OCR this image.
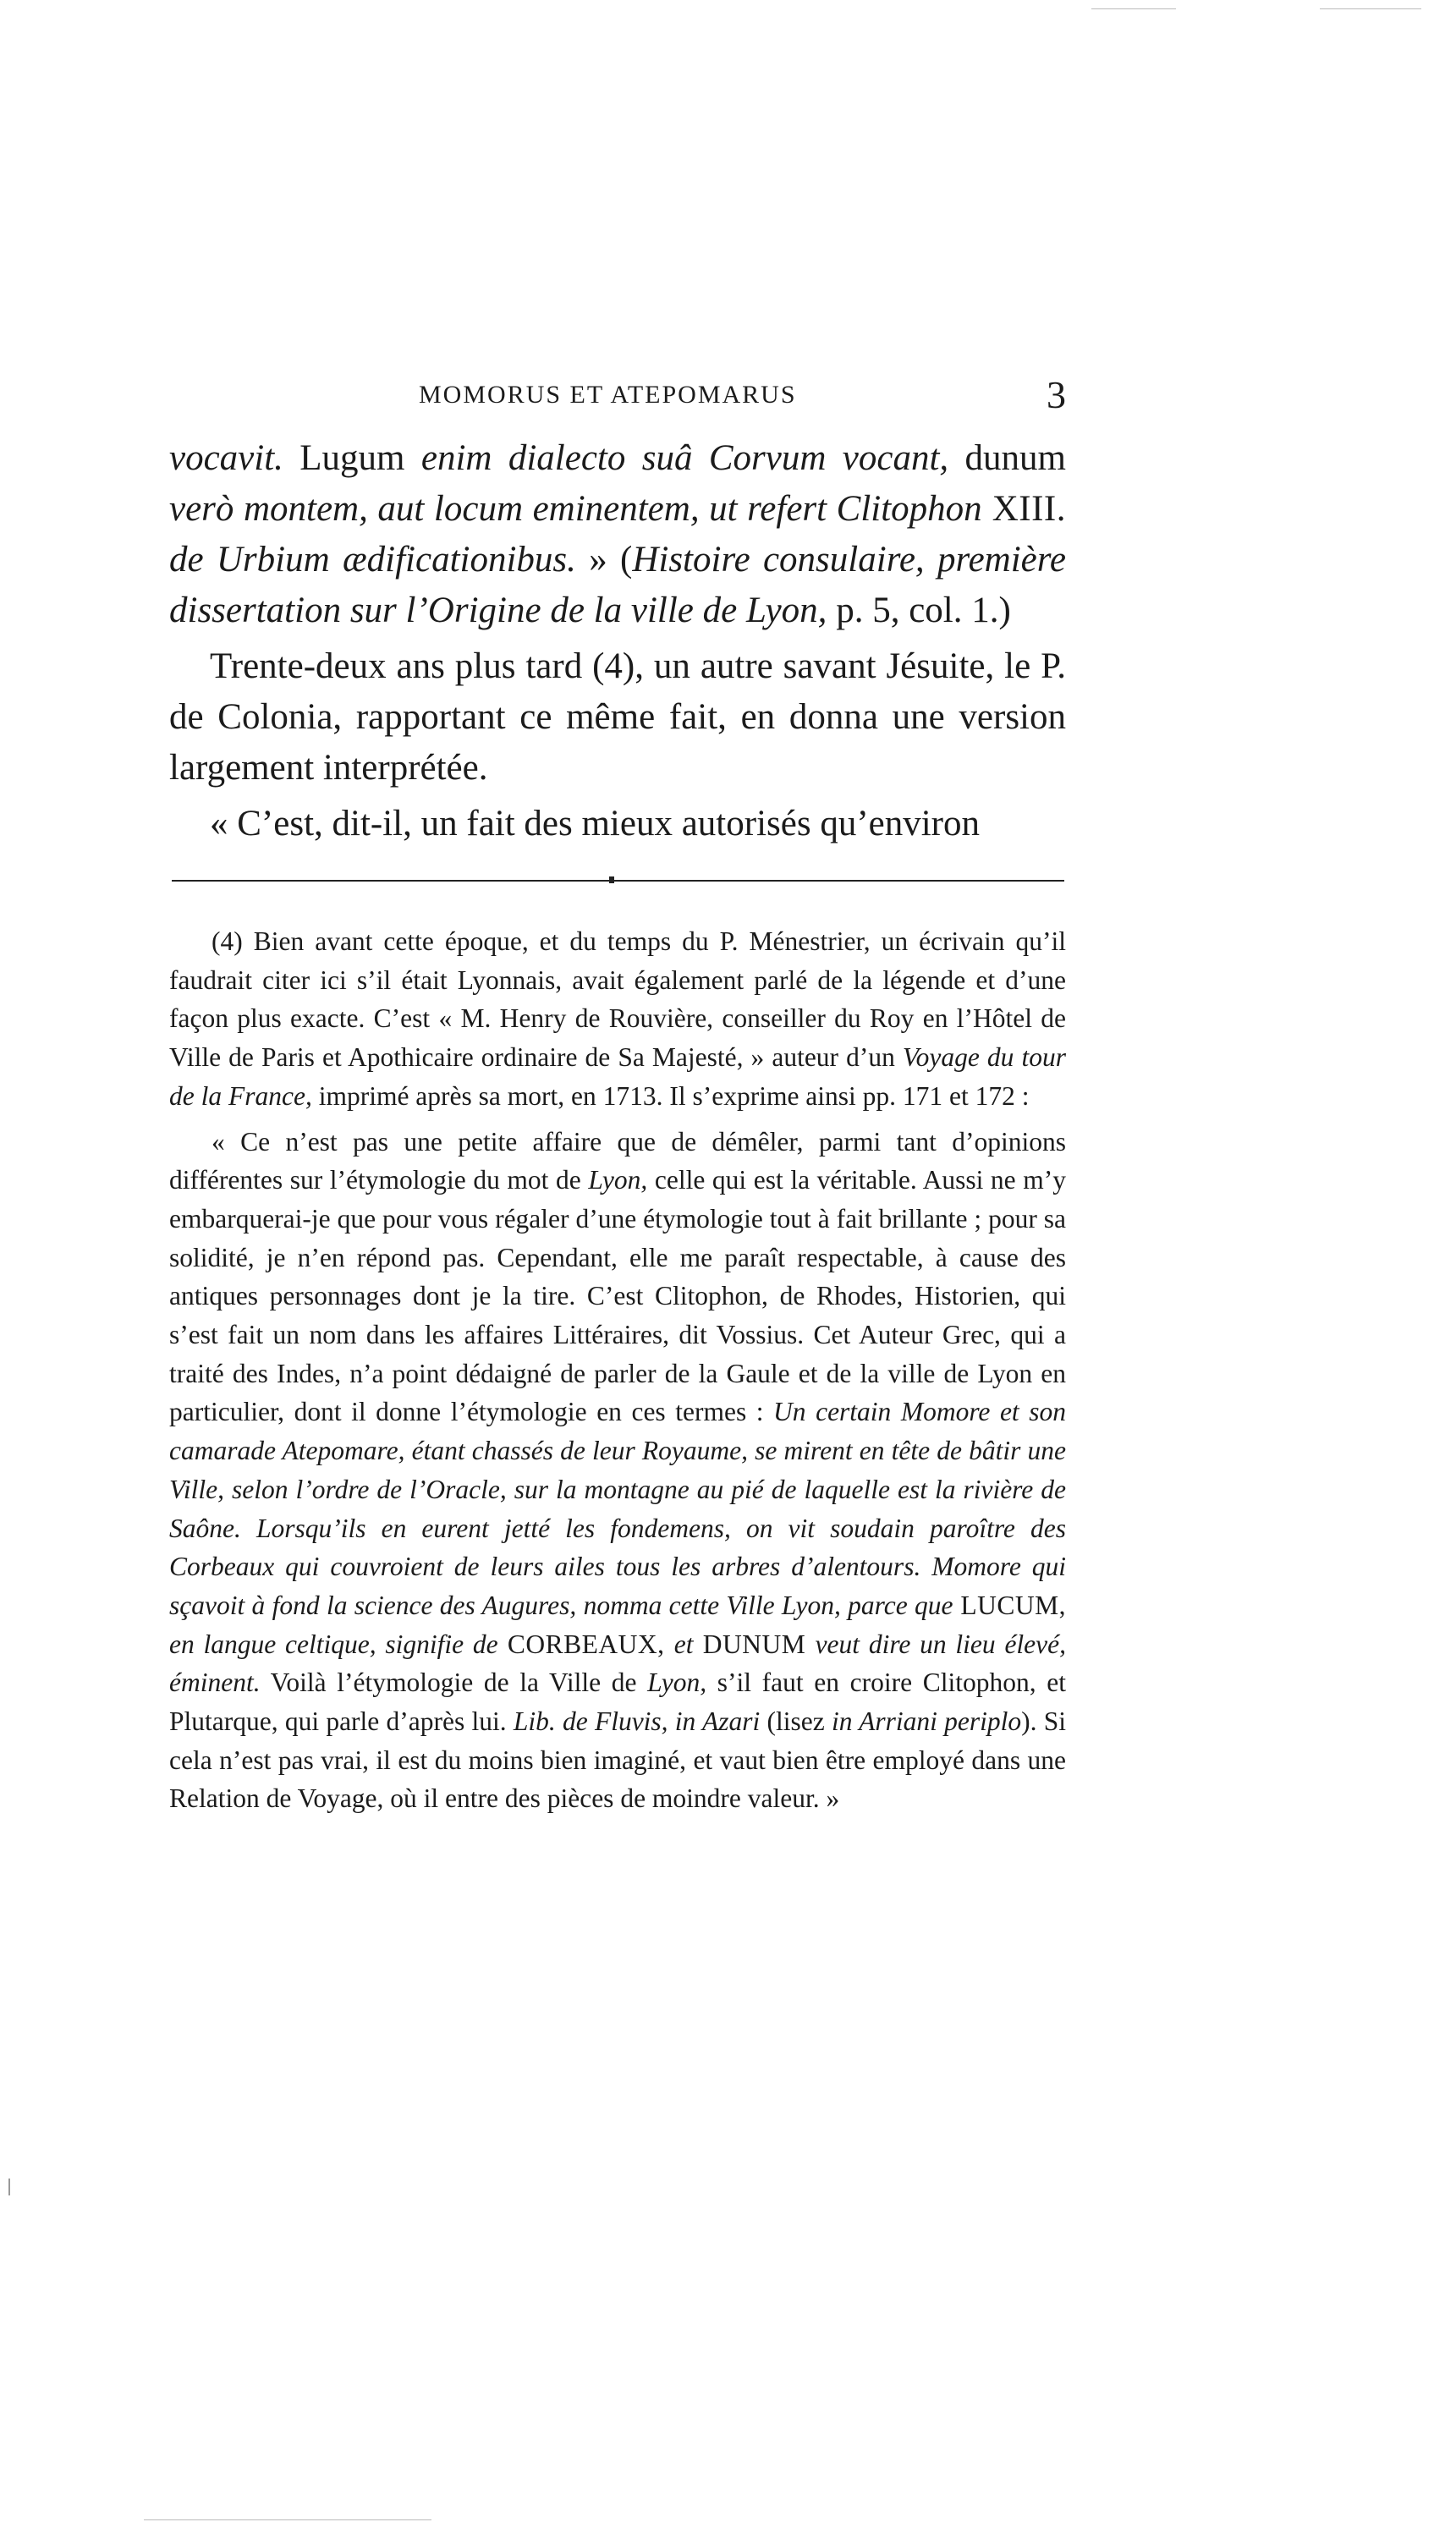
MOMORUS ET ATEPOMARUS	3

vocavit. Lugum enim dialecto suâ Corvum vocant, dunum verò montem, aut locum eminentem, ut refert Clitophon XIII. de Urbium ædificationibus. » (Histoire consulaire, première dissertation sur l’Origine de la ville de Lyon, p. 5, col. 1.)

Trente-deux ans plus tard (4), un autre savant Jésuite, le P. de Colonia, rapportant ce même fait, en donna une version largement interprétée.

« C’est, dit-il, un fait des mieux autorisés qu’environ

(4) Bien avant cette époque, et du temps du P. Ménestrier, un écrivain qu’il faudrait citer ici s’il était Lyonnais, avait également parlé de la légende et d’une façon plus exacte. C’est « M. Henry de Rouvière, conseiller du Roy en l’Hôtel de Ville de Paris et Apothicaire ordinaire de Sa Majesté, » auteur d’un Voyage du tour de la France, imprimé après sa mort, en 1713. Il s’exprime ainsi pp. 171 et 172 :

« Ce n’est pas une petite affaire que de démêler, parmi tant d’opinions différentes sur l’étymologie du mot de Lyon, celle qui est la véritable. Aussi ne m’y embarquerai-je que pour vous régaler d’une étymologie tout à fait brillante ; pour sa solidité, je n’en répond pas. Cependant, elle me paraît respectable, à cause des antiques personnages dont je la tire. C’est Clitophon, de Rhodes, Historien, qui s’est fait un nom dans les affaires Littéraires, dit Vossius. Cet Auteur Grec, qui a traité des Indes, n’a point dédaigné de parler de la Gaule et de la ville de Lyon en particulier, dont il donne l’étymologie en ces termes : Un certain Momore et son camarade Atepomare, étant chassés de leur Royaume, se mirent en tête de bâtir une Ville, selon l’ordre de l’Oracle, sur la montagne au pié de laquelle est la rivière de Saône. Lorsqu’ils en eurent jetté les fondemens, on vit soudain paroître des Corbeaux qui couvroient de leurs ailes tous les arbres d’alentours. Momore qui sçavoit à fond la science des Augures, nomma cette Ville Lyon, parce que LUCUM, en langue celtique, signifie de CORBEAUX, et DUNUM veut dire un lieu élevé, éminent. Voilà l’étymologie de la Ville de Lyon, s’il faut en croire Clitophon, et Plutarque, qui parle d’après lui. Lib. de Fluvis, in Azari (lisez in Arriani periplo). Si cela n’est pas vrai, il est du moins bien imaginé, et vaut bien être employé dans une Relation de Voyage, où il entre des pièces de moindre valeur. »
